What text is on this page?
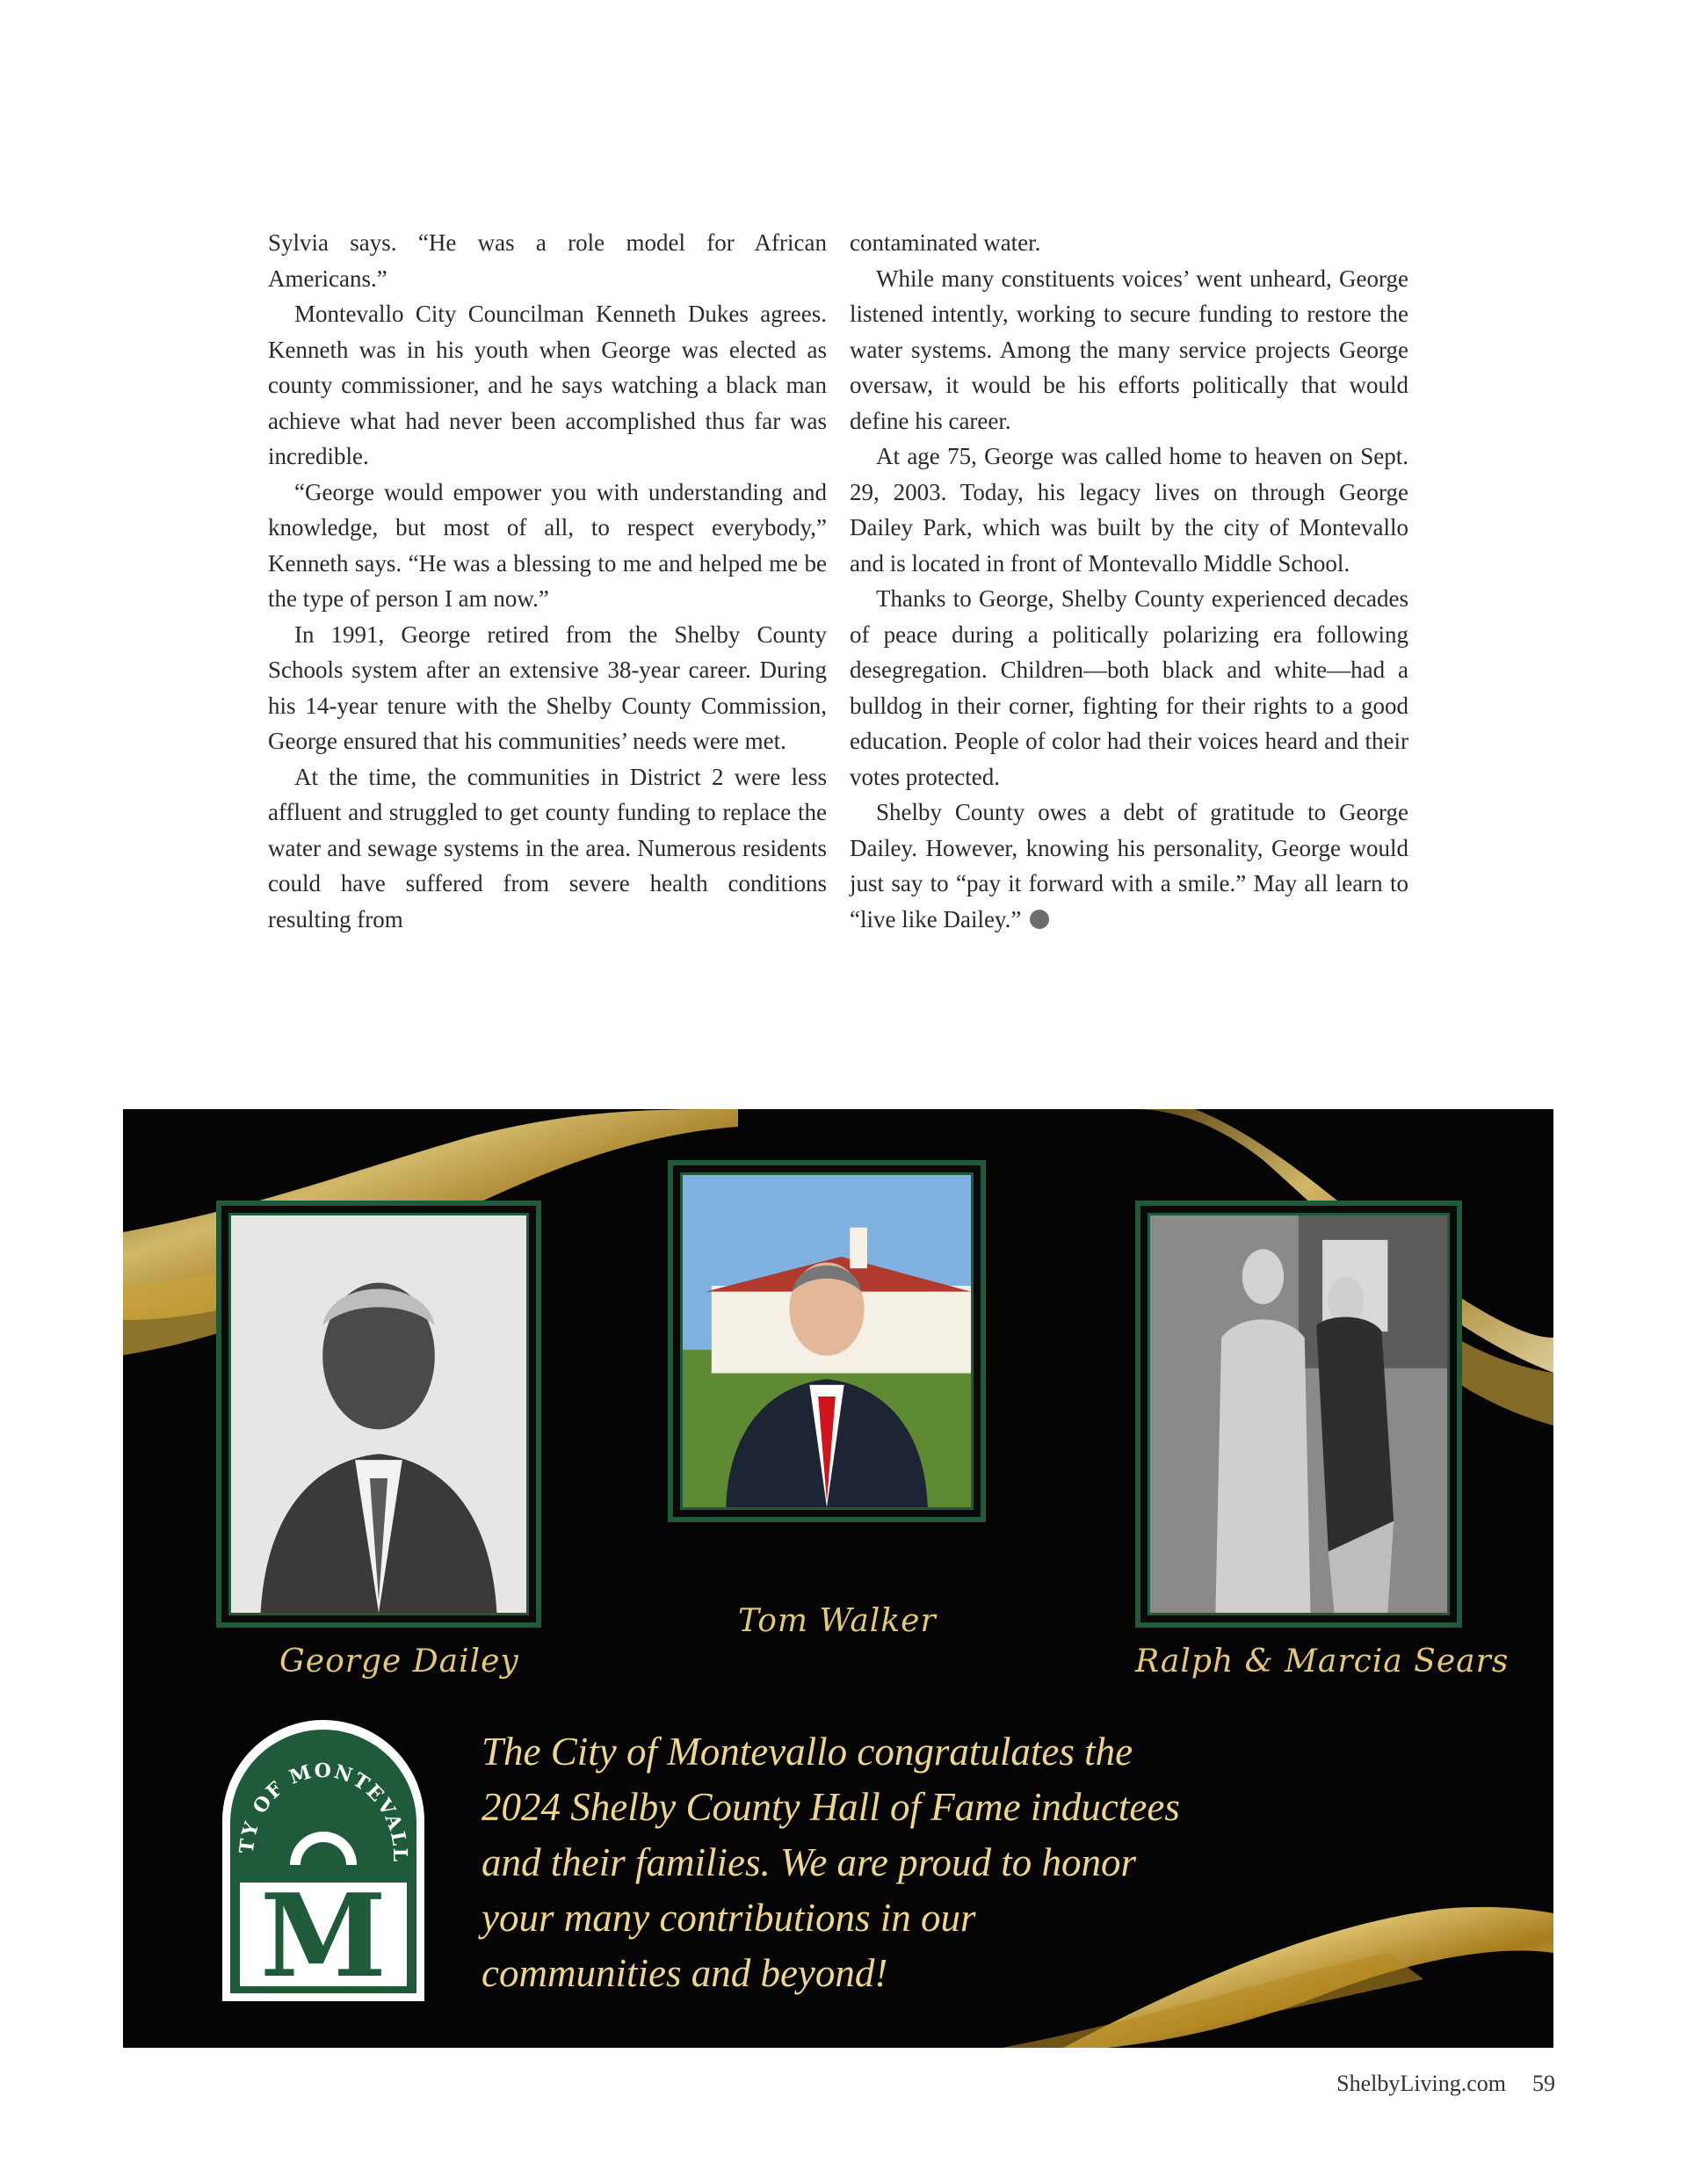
Sylvia says. “He was a role model for African Americans.”

Montevallo City Councilman Kenneth Dukes agrees. Kenneth was in his youth when George was elected as county commissioner, and he says watching a black man achieve what had never been accomplished thus far was incredible.

“George would empower you with understanding and knowledge, but most of all, to respect everybody,” Kenneth says. “He was a blessing to me and helped me be the type of person I am now.”

In 1991, George retired from the Shelby County Schools system after an extensive 38-year career. During his 14-year tenure with the Shelby County Commission, George ensured that his communities’ needs were met.

At the time, the communities in District 2 were less affluent and struggled to get county funding to replace the water and sewage systems in the area. Numerous residents could have suffered from severe health conditions resulting from

contaminated water.

While many constituents voices’ went unheard, George listened intently, working to secure funding to restore the water systems. Among the many service projects George oversaw, it would be his efforts politically that would define his career.

At age 75, George was called home to heaven on Sept. 29, 2003. Today, his legacy lives on through George Dailey Park, which was built by the city of Montevallo and is located in front of Montevallo Middle School.

Thanks to George, Shelby County experienced decades of peace during a politically polarizing era following desegregation. Children—both black and white—had a bulldog in their corner, fighting for their rights to a good education. People of color had their voices heard and their votes protected.

Shelby County owes a debt of gratitude to George Dailey. However, knowing his personality, George would just say to “pay it forward with a smile.” May all learn to “live like Dailey.”

George Dailey
Tom Walker
Ralph & Marcia Sears
TY OF MONTEVALL
M
The City of Montevallo congratulates the
2024 Shelby County Hall of Fame inductees
and their families. We are proud to honor
your many contributions in our
communities and beyond!
ShelbyLiving.com 59
